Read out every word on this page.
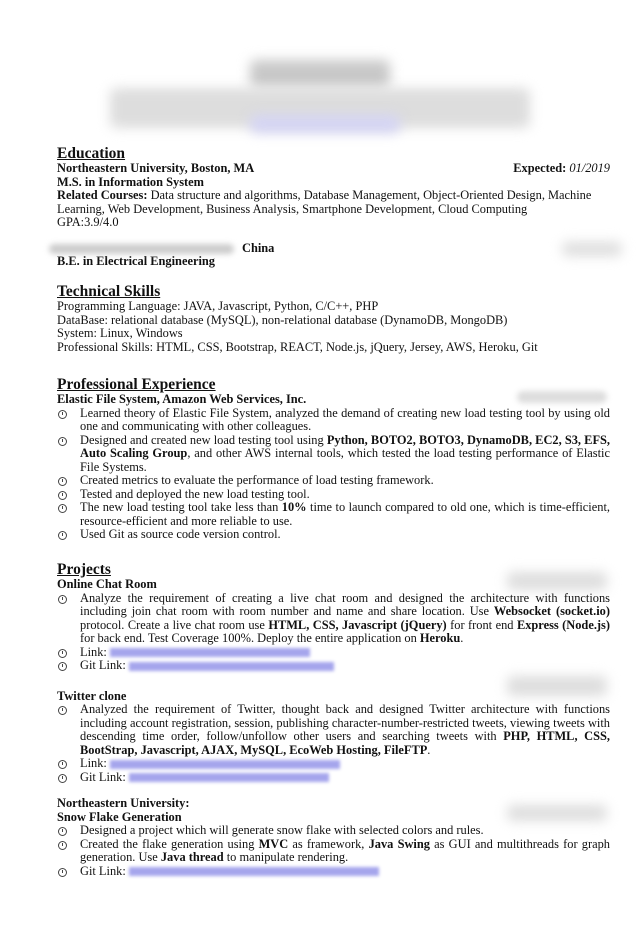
Education
Northeastern University, Boston, MA	Expected: 01/2019
M.S. in Information System
Related Courses: Data structure and algorithms, Database Management, Object-Oriented Design, Machine Learning, Web Development, Business Analysis, Smartphone Development, Cloud Computing
GPA:3.9/4.0
China
B.E. in Electrical Engineering
Technical Skills
Programming Language: JAVA, Javascript, Python, C/C++, PHP
DataBase: relational database (MySQL), non-relational database (DynamoDB, MongoDB)
System: Linux, Windows
Professional Skills: HTML, CSS, Bootstrap, REACT, Node.js, jQuery, Jersey, AWS, Heroku, Git
Professional Experience
Elastic File System, Amazon Web Services, Inc.
Learned theory of Elastic File System, analyzed the demand of creating new load testing tool by using old one and communicating with other colleagues.
Designed and created new load testing tool using Python, BOTO2, BOTO3, DynamoDB, EC2, S3, EFS, Auto Scaling Group, and other AWS internal tools, which tested the load testing performance of Elastic File Systems.
Created metrics to evaluate the performance of load testing framework.
Tested and deployed the new load testing tool.
The new load testing tool take less than 10% time to launch compared to old one, which is time-efficient, resource-efficient and more reliable to use.
Used Git as source code version control.
Projects
Online Chat Room
Analyze the requirement of creating a live chat room and designed the architecture with functions including join chat room with room number and name and share location. Use Websocket (socket.io) protocol. Create a live chat room use HTML, CSS, Javascript (jQuery) for front end Express (Node.js) for back end. Test Coverage 100%. Deploy the entire application on Heroku.
Link:
Git Link:
Twitter clone
Analyzed the requirement of Twitter, thought back and designed Twitter architecture with functions including account registration, session, publishing character-number-restricted tweets, viewing tweets with descending time order, follow/unfollow other users and searching tweets with PHP, HTML, CSS, BootStrap, Javascript, AJAX, MySQL, EcoWeb Hosting, FileFTP.
Link:
Git Link:
Northeastern University:
Snow Flake Generation
Designed a project which will generate snow flake with selected colors and rules.
Created the flake generation using MVC as framework, Java Swing as GUI and multithreads for graph generation. Use Java thread to manipulate rendering.
Git Link:
